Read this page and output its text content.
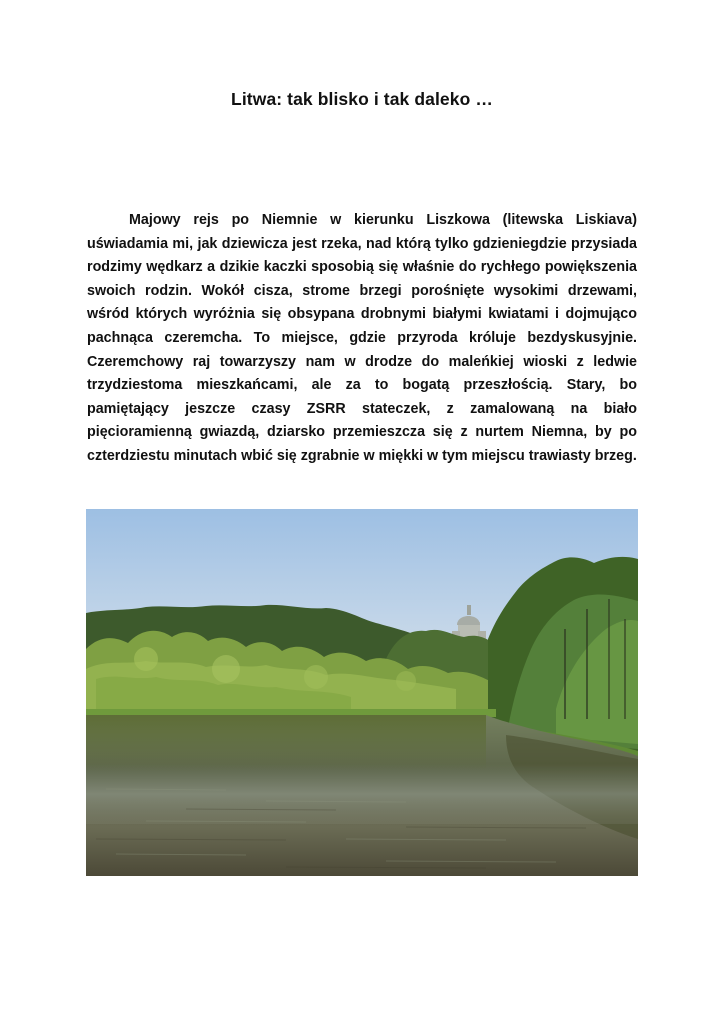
Litwa: tak blisko i tak daleko …

Majowy rejs po Niemnie w kierunku Liszkowa (litewska Liskiava) uświadamia mi, jak dziewicza jest rzeka, nad którą tylko gdzieniegdzie przysiada rodzimy wędkarz a dzikie kaczki sposobią się właśnie do rychłego powiększenia swoich rodzin. Wokół cisza, strome brzegi porośnięte wysokimi drzewami, wśród których wyróżnia się obsypana drobnymi białymi kwiatami i dojmująco pachnąca czeremcha. To miejsce, gdzie przyroda króluje bezdyskusyjnie. Czeremchowy raj towarzyszy nam w drodze do maleńkiej wioski z ledwie trzydziestoma mieszkańcami, ale za to bogatą przeszłością. Stary, bo pamiętający jeszcze czasy ZSRR stateczek, z zamalowaną na biało pięcioramienną gwiazdą, dziarsko przemieszcza się z nurtem Niemna, by po czterdziestu minutach wbić się zgrabnie w miękki w tym miejscu trawiasty brzeg.
